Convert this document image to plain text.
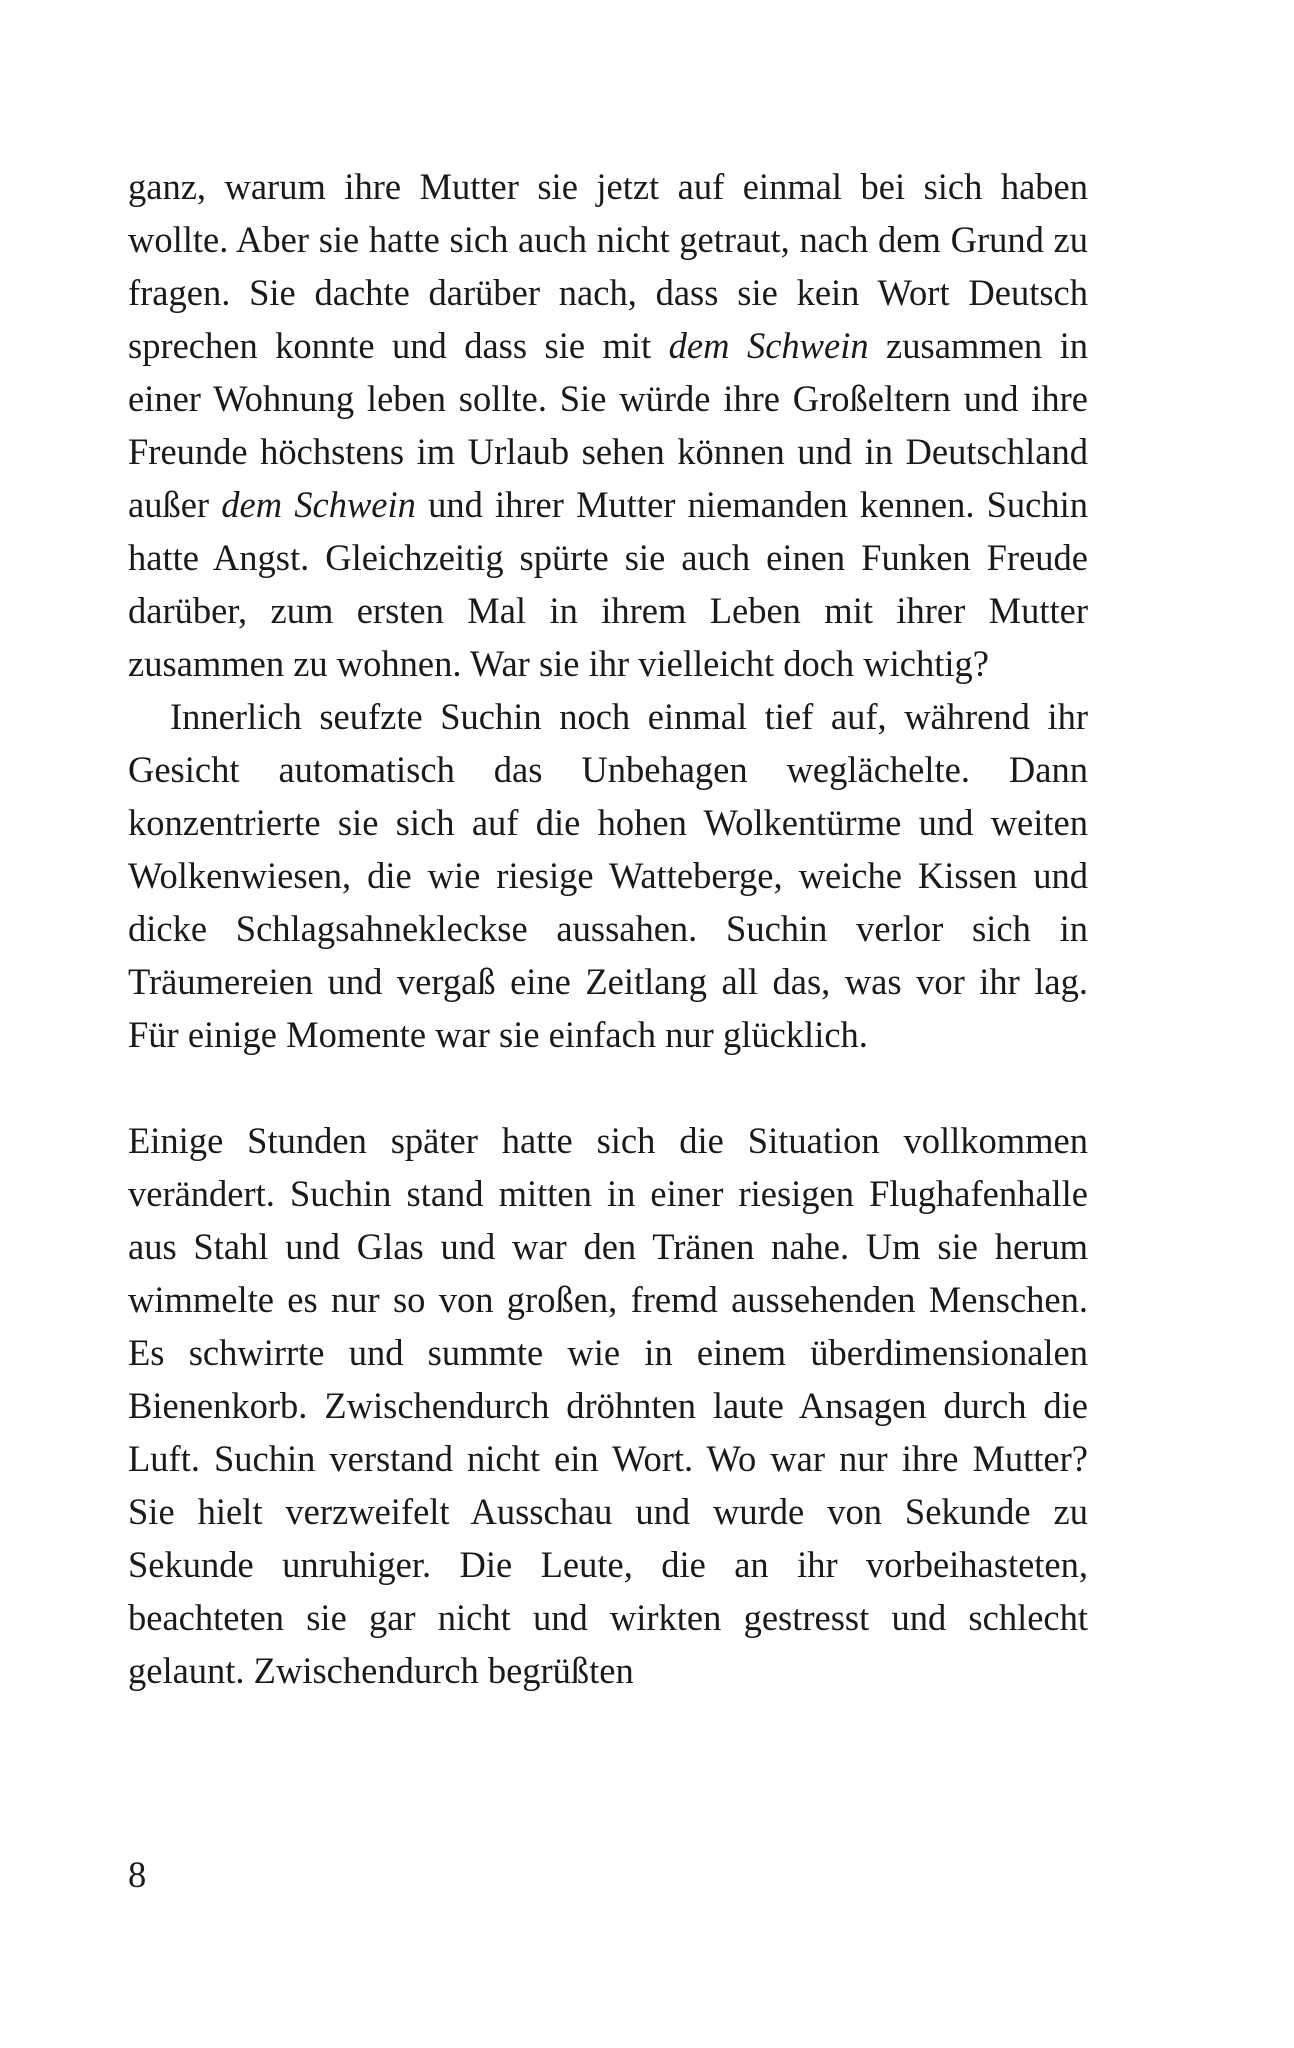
ganz, warum ihre Mutter sie jetzt auf einmal bei sich haben wollte. Aber sie hatte sich auch nicht getraut, nach dem Grund zu fragen. Sie dachte darüber nach, dass sie kein Wort Deutsch sprechen konnte und dass sie mit dem Schwein zusammen in einer Wohnung leben sollte. Sie würde ihre Großeltern und ihre Freunde höchstens im Urlaub sehen können und in Deutschland außer dem Schwein und ihrer Mutter niemanden kennen. Suchin hatte Angst. Gleichzeitig spürte sie auch einen Funken Freude darüber, zum ersten Mal in ihrem Leben mit ihrer Mutter zusammen zu wohnen. War sie ihr vielleicht doch wichtig?

Innerlich seufzte Suchin noch einmal tief auf, während ihr Gesicht automatisch das Unbehagen weglächelte. Dann konzentrierte sie sich auf die hohen Wolkentürme und weiten Wolkenwiesen, die wie riesige Watteberge, weiche Kissen und dicke Schlagsahnekleckse aussahen. Suchin verlor sich in Träumereien und vergaß eine Zeitlang all das, was vor ihr lag. Für einige Momente war sie einfach nur glücklich.

Einige Stunden später hatte sich die Situation vollkommen verändert. Suchin stand mitten in einer riesigen Flughafenhalle aus Stahl und Glas und war den Tränen nahe. Um sie herum wimmelte es nur so von großen, fremd aussehenden Menschen. Es schwirrte und summte wie in einem überdimensionalen Bienenkorb. Zwischendurch dröhnten laute Ansagen durch die Luft. Suchin verstand nicht ein Wort. Wo war nur ihre Mutter? Sie hielt verzweifelt Ausschau und wurde von Sekunde zu Sekunde unruhiger. Die Leute, die an ihr vorbeihasteten, beachteten sie gar nicht und wirkten gestresst und schlecht gelaunt. Zwischendurch begrüßten

8
